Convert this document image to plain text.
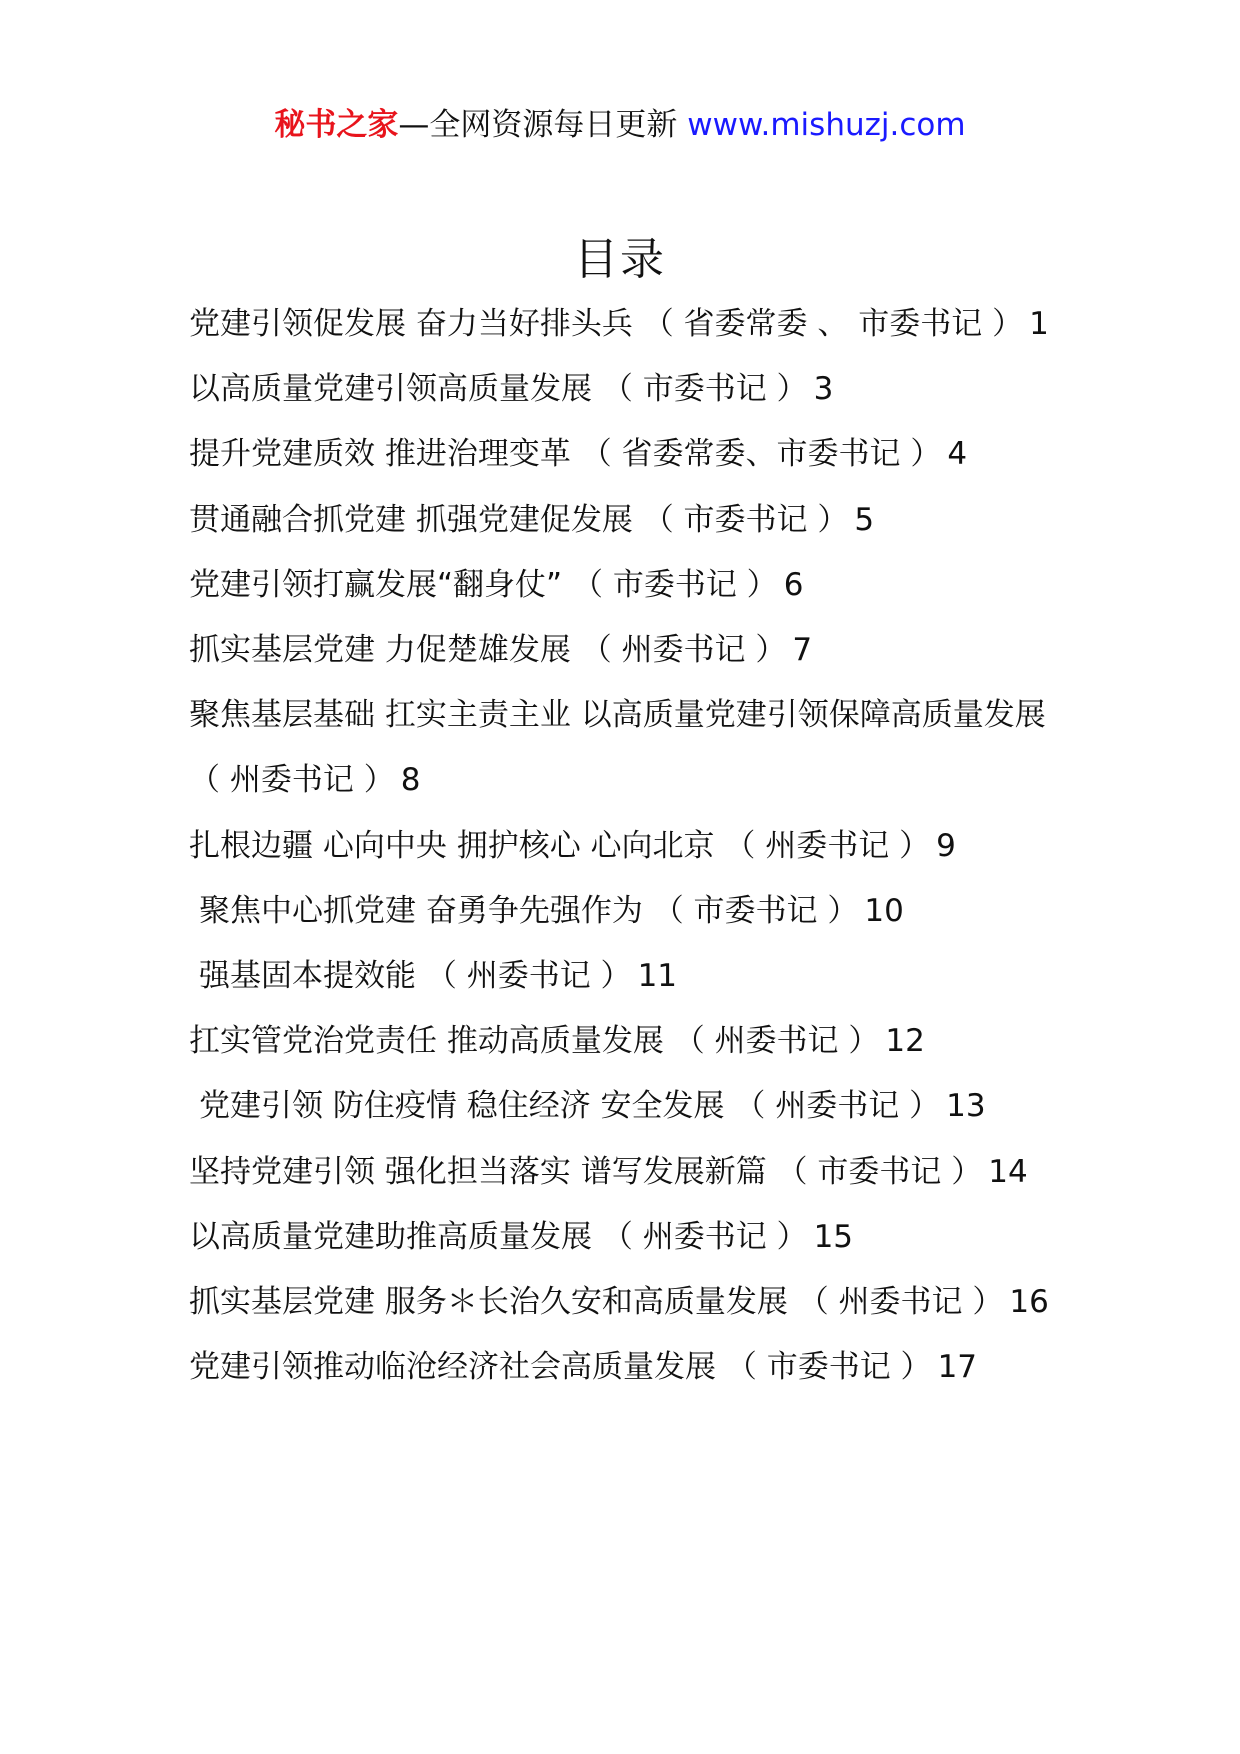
秘书之家—全网资源每日更新 www.mishuzj.com
目录
党建引领促发展 奋力当好排头兵 （ 省委常委 、 市委书记 ） 1
以高质量党建引领高质量发展 （ 市委书记 ） 3
提升党建质效 推进治理变革 （ 省委常委、市委书记 ） 4
贯通融合抓党建 抓强党建促发展 （ 市委书记 ） 5
党建引领打赢发展“翻身仗” （ 市委书记 ） 6
抓实基层党建 力促楚雄发展 （ 州委书记 ） 7
聚焦基层基础 扛实主责主业 以高质量党建引领保障高质量发展 （ 州委书记 ） 8
扎根边疆 心向中央 拥护核心 心向北京 （ 州委书记 ） 9
聚焦中心抓党建 奋勇争先强作为 （ 市委书记 ） 10
强基固本提效能 （ 州委书记 ） 11
扛实管党治党责任 推动高质量发展 （ 州委书记 ） 12
党建引领 防住疫情 稳住经济 安全发展 （ 州委书记 ） 13
坚持党建引领 强化担当落实 谱写发展新篇 （ 市委书记 ） 14
以高质量党建助推高质量发展 （ 州委书记 ） 15
抓实基层党建 服务＊长治久安和高质量发展 （ 州委书记 ） 16
党建引领推动临沧经济社会高质量发展 （ 市委书记 ） 17
